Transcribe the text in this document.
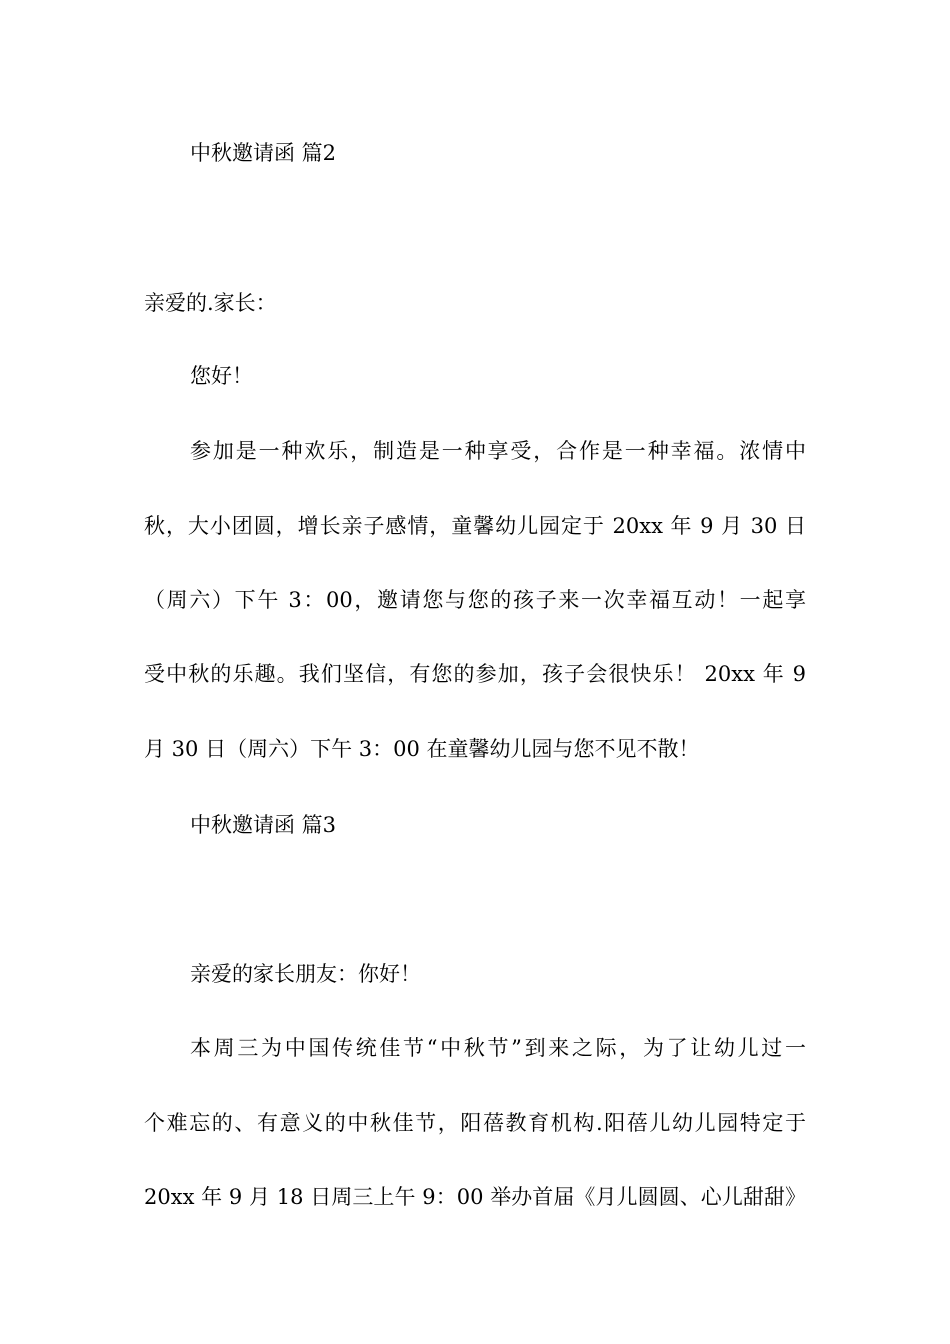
中秋邀请函 篇2
亲爱的.家长：
您好！
参加是一种欢乐，制造是一种享受，合作是一种幸福。浓情中
秋，大小团圆，增长亲子感情，童馨幼儿园定于 20xx 年 9 月 30 日
（周六）下午 3：00，邀请您与您的孩子来一次幸福互动！一起享
受中秋的乐趣。我们坚信，有您的参加，孩子会很快乐！ 20xx 年 9
月 30 日（周六）下午 3：00 在童馨幼儿园与您不见不散！
中秋邀请函 篇3
亲爱的家长朋友：你好！
本周三为中国传统佳节“中秋节”到来之际，为了让幼儿过一
个难忘的、有意义的中秋佳节，阳蓓教育机构.阳蓓儿幼儿园特定于
20xx 年 9 月 18 日周三上午 9：00 举办首届《月儿圆圆、心儿甜甜》
